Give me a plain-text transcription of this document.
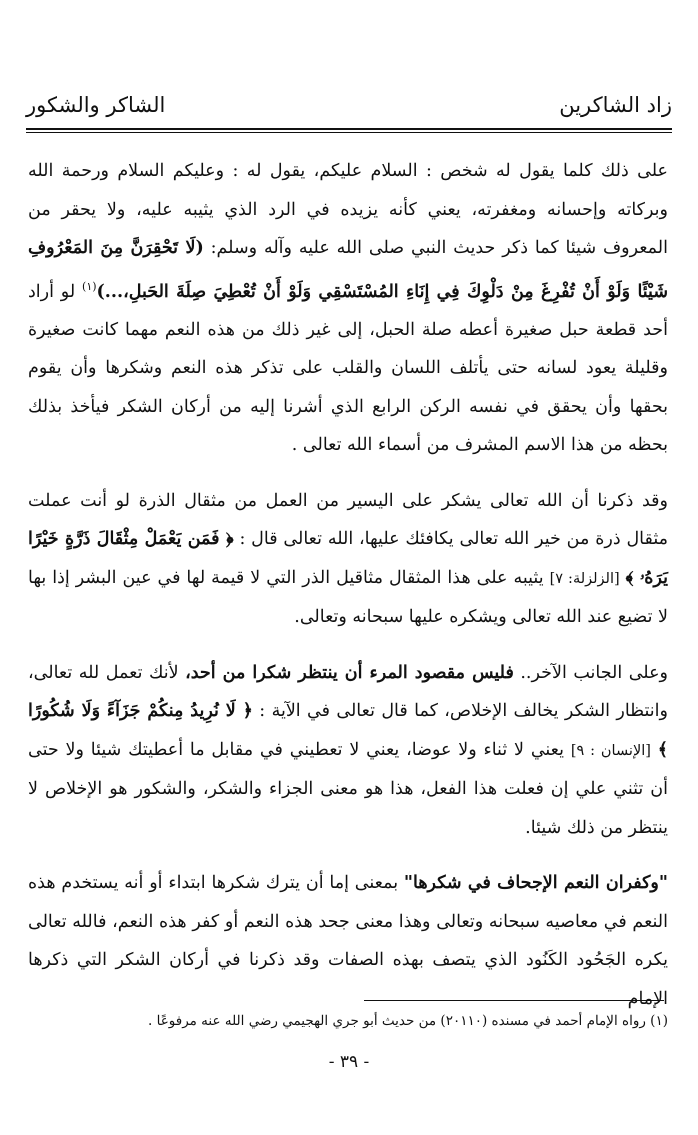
زاد الشاكرين
الشاكر والشكور

على ذلك كلما يقول له شخص : السلام عليكم، يقول له : وعليكم السلام ورحمة الله وبركاته وإحسانه ومغفرته، يعني كأنه يزيده في الرد الذي يثيبه عليه، ولا يحقر من المعروف شيئا كما ذكر حديث النبي صلى الله عليه وآله وسلم: (لَا تَحْقِرَنَّ مِنَ المَعْرُوفِ شَيْئًا وَلَوْ أَنْ تُفْرِغَ مِنْ دَلْوِكَ فِي إِنَاءِ المُسْتَسْقِي وَلَوْ أَنْ تُعْطِيَ صِلَةَ الحَبلِ،...)$^{(١)}$ لو أراد أحد قطعة حبل صغيرة أعطه صلة الحبل، إلى غير ذلك من هذه النعم مهما كانت صغيرة وقليلة يعود لسانه حتى يأتلف اللسان والقلب على تذكر هذه النعم وشكرها وأن يقوم بحقها وأن يحقق في نفسه الركن الرابع الذي أشرنا إليه من أركان الشكر فيأخذ بذلك بحظه من هذا الاسم المشرف من أسماء الله تعالى .

وقد ذكرنا أن الله تعالى يشكر على اليسير من العمل من مثقال الذرة لو أنت عملت مثقال ذرة من خير الله تعالى يكافئك عليها، الله تعالى قال : ﴿ فَمَن يَعْمَلْ مِثْقَالَ ذَرَّةٍ خَيْرًا يَرَهُۥ ﴾ [الزلزلة: ٧] يثيبه على هذا المثقال مثاقيل الذر التي لا قيمة لها في عين البشر إذا بها لا تضيع عند الله تعالى ويشكره عليها سبحانه وتعالى.

وعلى الجانب الآخر.. فليس مقصود المرء أن ينتظر شكرا من أحد، لأنك تعمل لله تعالى، وانتظار الشكر يخالف الإخلاص، كما قال تعالى في الآية : ﴿ لَا نُرِيدُ مِنكُمْ جَزَآءً وَلَا شُكُورًا ﴾ [الإنسان : ٩] يعني لا ثناء ولا عوضا، يعني لا تعطيني في مقابل ما أعطيتك شيئا ولا حتى أن تثني علي إن فعلت هذا الفعل، هذا هو معنى الجزاء والشكر، والشكور هو الإخلاص لا ينتظر من ذلك شيئا.

"وكفران النعم الإجحاف في شكرها" بمعنى إما أن يترك شكرها ابتداء أو أنه يستخدم هذه النعم في معاصيه سبحانه وتعالى وهذا معنى جحد هذه النعم أو كفر هذه النعم، فالله تعالى يكره الجَحُود الكَنُود الذي يتصف بهذه الصفات وقد ذكرنا في أركان الشكر التي ذكرها الإمام

(١) رواه الإمام أحمد في مسنده (٢٠١١٠) من حديث أبو جري الهجيمي رضي الله عنه مرفوعًا .
- ٣٩ -
